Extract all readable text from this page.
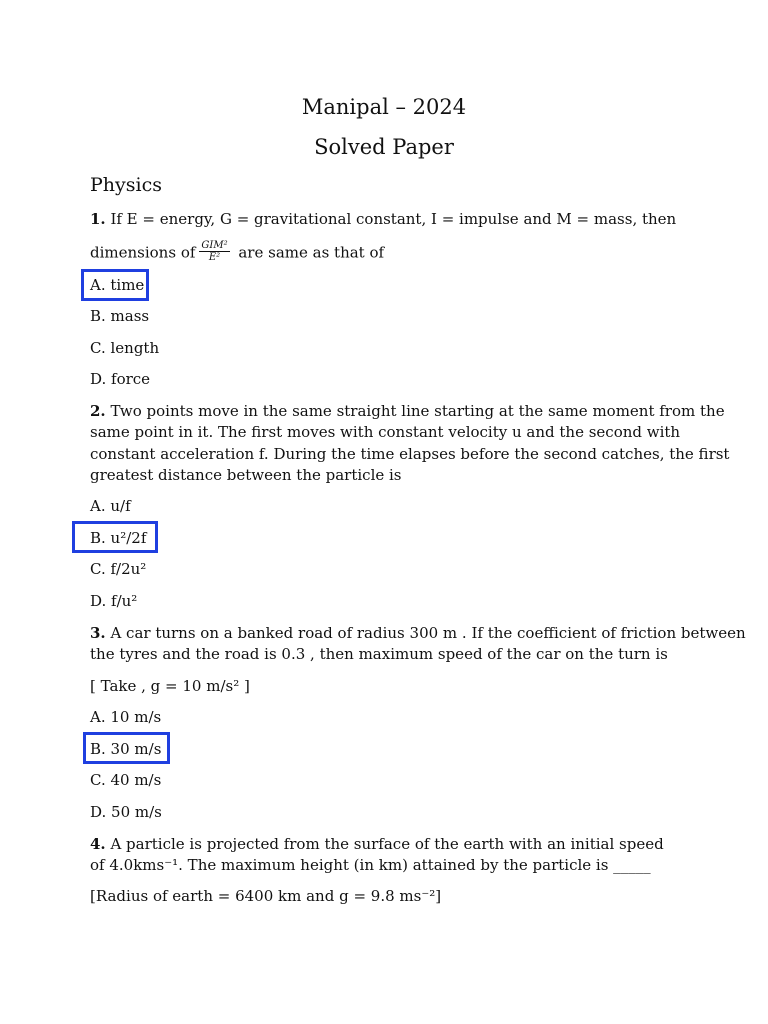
Manipal – 2024
Solved Paper
Physics
1. If E = energy, G = gravitational constant, I = impulse and M = mass, then
dimensions of $\frac{\text{GIM²}}{\text{E²}}$ are same as that of
A. time
B. mass
C. length
D. force
2. Two points move in the same straight line starting at the same moment from the
same point in it. The first moves with constant velocity u and the second with
constant acceleration f. During the time elapses before the second catches, the first
greatest distance between the particle is
A. u/f
B. u²/2f
C. f/2u²
D. f/u²
3. A car turns on a banked road of radius 300 m . If the coefficient of friction between
the tyres and the road is 0.3 , then maximum speed of the car on the turn is
[ Take , g = 10 m/s² ]
A. 10 m/s
B. 30 m/s
C. 40 m/s
D. 50 m/s
4. A particle is projected from the surface of the earth with an initial speed
of 4.0kms⁻¹. The maximum height (in km) attained by the particle is _____
[Radius of earth = 6400 km and g = 9.8 ms⁻²]
